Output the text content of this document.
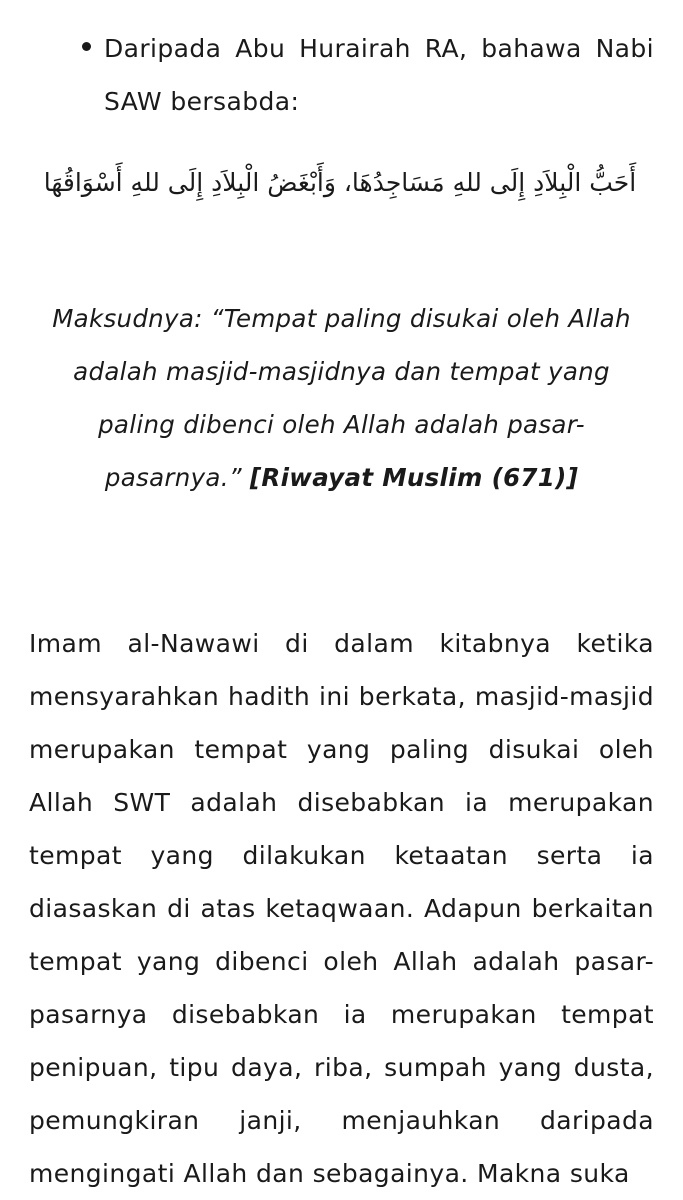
Daripada Abu Hurairah RA, bahawa Nabi SAW bersabda:
أَحَبُّ الْبِلاَدِ إِلَى للهِ مَسَاجِدُهَا، وَأَبْغَضُ الْبِلاَدِ إِلَى للهِ أَسْوَاقُهَا
Maksudnya: “Tempat paling disukai oleh Allah adalah masjid-masjidnya dan tempat yang paling dibenci oleh Allah adalah pasar-pasarnya.” [Riwayat Muslim (671)]
Imam al-Nawawi di dalam kitabnya ketika mensyarahkan hadith ini berkata, masjid-masjid merupakan tempat yang paling disukai oleh Allah SWT adalah disebabkan ia merupakan tempat yang dilakukan ketaatan serta ia diasaskan di atas ketaqwaan. Adapun berkaitan tempat yang dibenci oleh Allah adalah pasar-pasarnya disebabkan ia merupakan tempat penipuan, tipu daya, riba, sumpah yang dusta, pemungkiran janji, menjauhkan daripada mengingati Allah dan sebagainya. Makna suka
